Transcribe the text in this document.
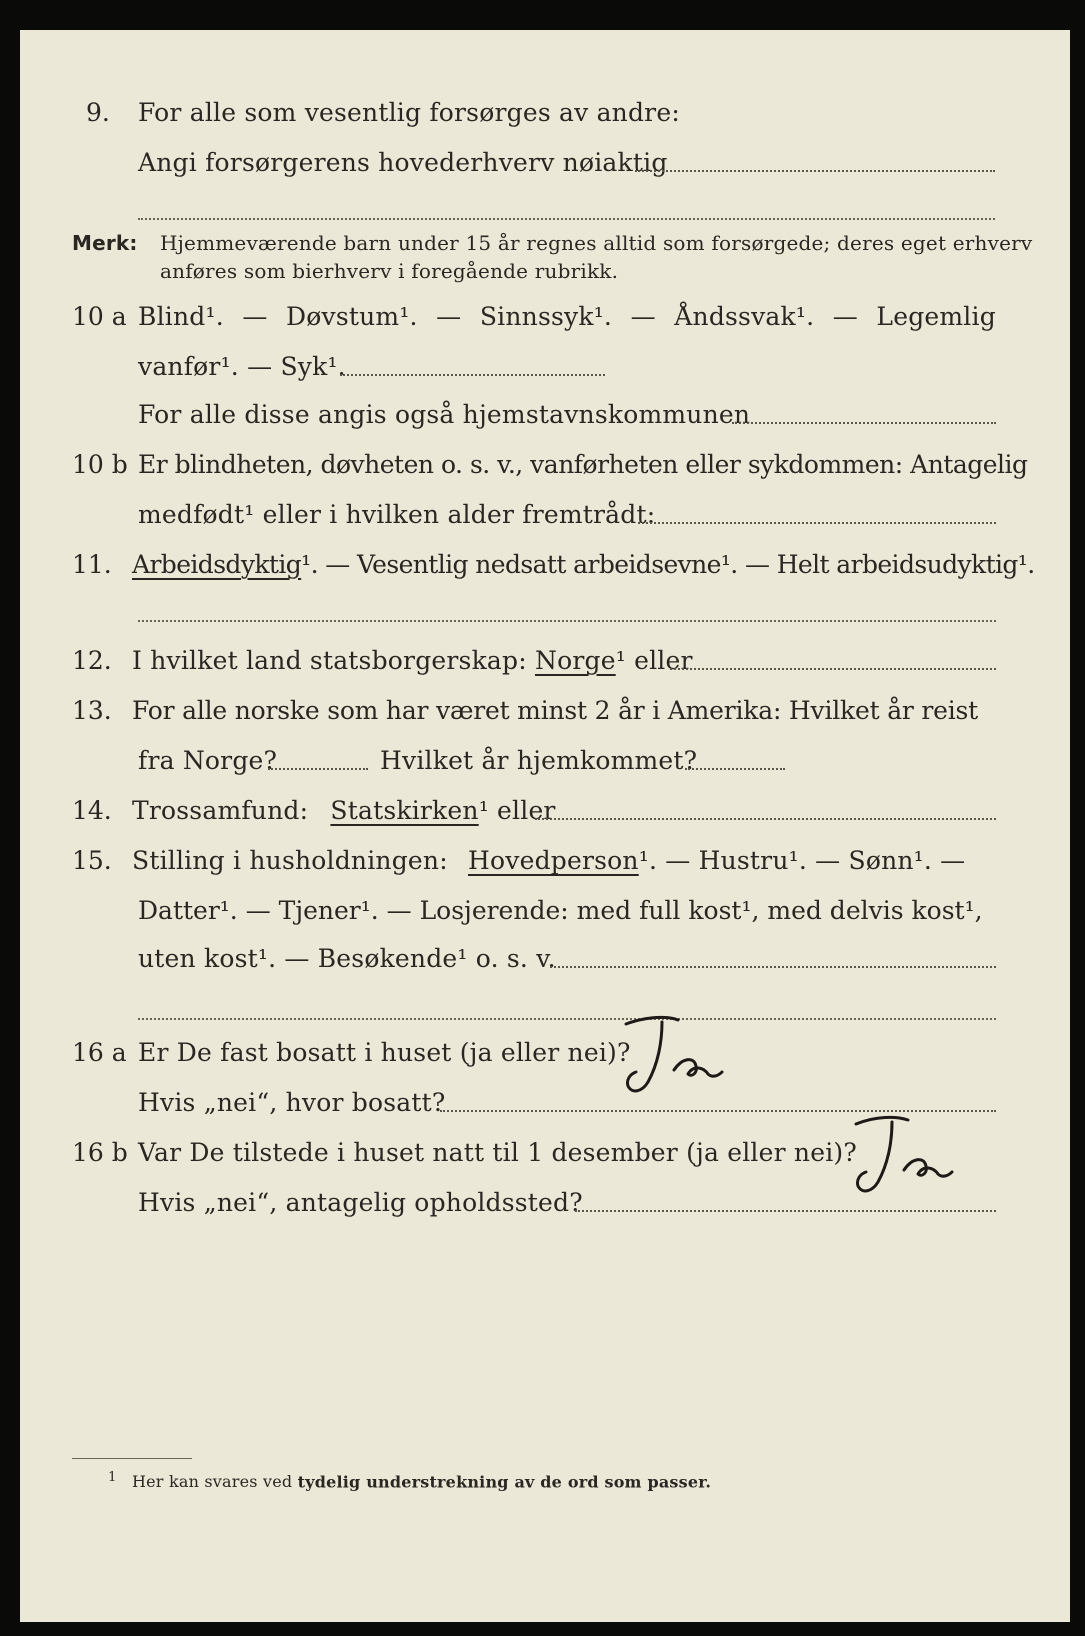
9. For alle som vesentlig forsørges av andre:
Angi forsørgerens hovederhverv nøiaktig
Merk: Hjemmeværende barn under 15 år regnes alltid som forsørgede; deres eget erhverv
anføres som bierhverv i foregående rubrikk.
10 a Blind¹. — Døvstum¹. — Sinnssyk¹. — Åndssvak¹. — Legemlig
vanfør¹. — Syk¹.
For alle disse angis også hjemstavnskommunen
10 b Er blindheten, døvheten o. s. v., vanførheten eller sykdommen: Antagelig
medfødt¹ eller i hvilken alder fremtrådt:
11. Arbeidsdyktig¹. — Vesentlig nedsatt arbeidsevne¹. — Helt arbeidsudyktig¹.
12. I hvilket land statsborgerskap: Norge¹ eller
13. For alle norske som har været minst 2 år i Amerika: Hvilket år reist
fra Norge?	Hvilket år hjemkommet?
14. Trossamfund: Statskirken¹ eller
15. Stilling i husholdningen: Hovedperson¹. — Hustru¹. — Sønn¹. —
Datter¹. — Tjener¹. — Losjerende: med full kost¹, med delvis kost¹,
uten kost¹. — Besøkende¹ o. s. v.
16 a Er De fast bosatt i huset (ja eller nei)?
Hvis „nei“, hvor bosatt?
16 b Var De tilstede i huset natt til 1 desember (ja eller nei)?
Hvis „nei“, antagelig opholdssted?
$^1$ Her kan svares ved tydelig understrekning av de ord som passer.
